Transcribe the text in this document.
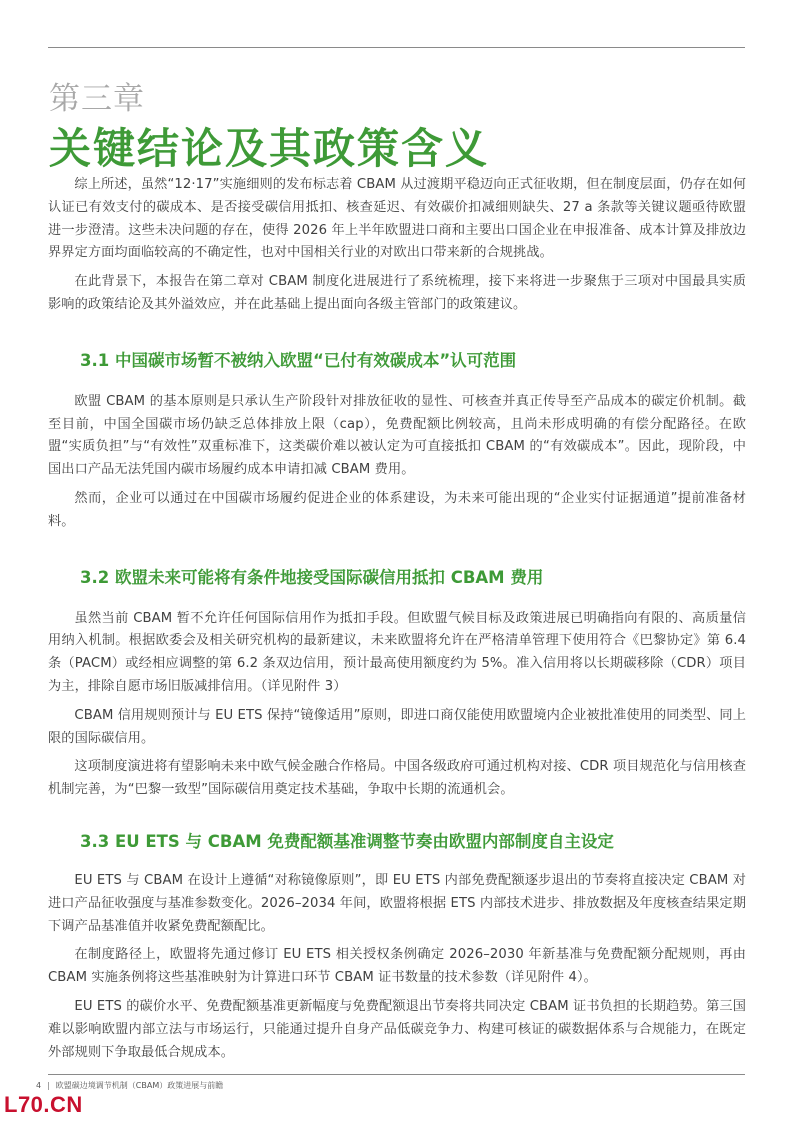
第三章
关键结论及其政策含义

综上所述，虽然“12·17”实施细则的发布标志着 CBAM 从过渡期平稳迈向正式征收期，但在制度层面，仍存在如何认证已有效支付的碳成本、是否接受碳信用抵扣、核查延迟、有效碳价扣减细则缺失、27 a 条款等关键议题亟待欧盟进一步澄清。这些未决问题的存在，使得 2026 年上半年欧盟进口商和主要出口国企业在申报准备、成本计算及排放边界界定方面均面临较高的不确定性，也对中国相关行业的对欧出口带来新的合规挑战。

在此背景下，本报告在第二章对 CBAM 制度化进展进行了系统梳理，接下来将进一步聚焦于三项对中国最具实质影响的政策结论及其外溢效应，并在此基础上提出面向各级主管部门的政策建议。

3.1 中国碳市场暂不被纳入欧盟“已付有效碳成本”认可范围

欧盟 CBAM 的基本原则是只承认生产阶段针对排放征收的显性、可核查并真正传导至产品成本的碳定价机制。截至目前，中国全国碳市场仍缺乏总体排放上限（cap），免费配额比例较高，且尚未形成明确的有偿分配路径。在欧盟“实质负担”与“有效性”双重标准下，这类碳价难以被认定为可直接抵扣 CBAM 的“有效碳成本”。因此，现阶段，中国出口产品无法凭国内碳市场履约成本申请扣减 CBAM 费用。

然而，企业可以通过在中国碳市场履约促进企业的体系建设，为未来可能出现的“企业实付证据通道”提前准备材料。

3.2 欧盟未来可能将有条件地接受国际碳信用抵扣 CBAM 费用

虽然当前 CBAM 暂不允许任何国际信用作为抵扣手段。但欧盟气候目标及政策进展已明确指向有限的、高质量信用纳入机制。根据欧委会及相关研究机构的最新建议，未来欧盟将允许在严格清单管理下使用符合《巴黎协定》第 6.4 条（PACM）或经相应调整的第 6.2 条双边信用，预计最高使用额度约为 5%。准入信用将以长期碳移除（CDR）项目为主，排除自愿市场旧版减排信用。（详见附件 3）

CBAM 信用规则预计与 EU ETS 保持“镜像适用”原则，即进口商仅能使用欧盟境内企业被批准使用的同类型、同上限的国际碳信用。

这项制度演进将有望影响未来中欧气候金融合作格局。中国各级政府可通过机构对接、CDR 项目规范化与信用核查机制完善，为“巴黎一致型”国际碳信用奠定技术基础，争取中长期的流通机会。

3.3 EU ETS 与 CBAM 免费配额基准调整节奏由欧盟内部制度自主设定

EU ETS 与 CBAM 在设计上遵循“对称镜像原则”，即 EU ETS 内部免费配额逐步退出的节奏将直接决定 CBAM 对进口产品征收强度与基准参数变化。2026–2034 年间，欧盟将根据 ETS 内部技术进步、排放数据及年度核查结果定期下调产品基准值并收紧免费配额配比。

在制度路径上，欧盟将先通过修订 EU ETS 相关授权条例确定 2026–2030 年新基准与免费配额分配规则，再由 CBAM 实施条例将这些基准映射为计算进口环节 CBAM 证书数量的技术参数（详见附件 4）。

EU ETS 的碳价水平、免费配额基准更新幅度与免费配额退出节奏将共同决定 CBAM 证书负担的长期趋势。第三国难以影响欧盟内部立法与市场运行，只能通过提升自身产品低碳竞争力、构建可核证的碳数据体系与合规能力，在既定外部规则下争取最低合规成本。

4 | 欧盟碳边境调节机制（CBAM）政策进展与前瞻
L70.CN
